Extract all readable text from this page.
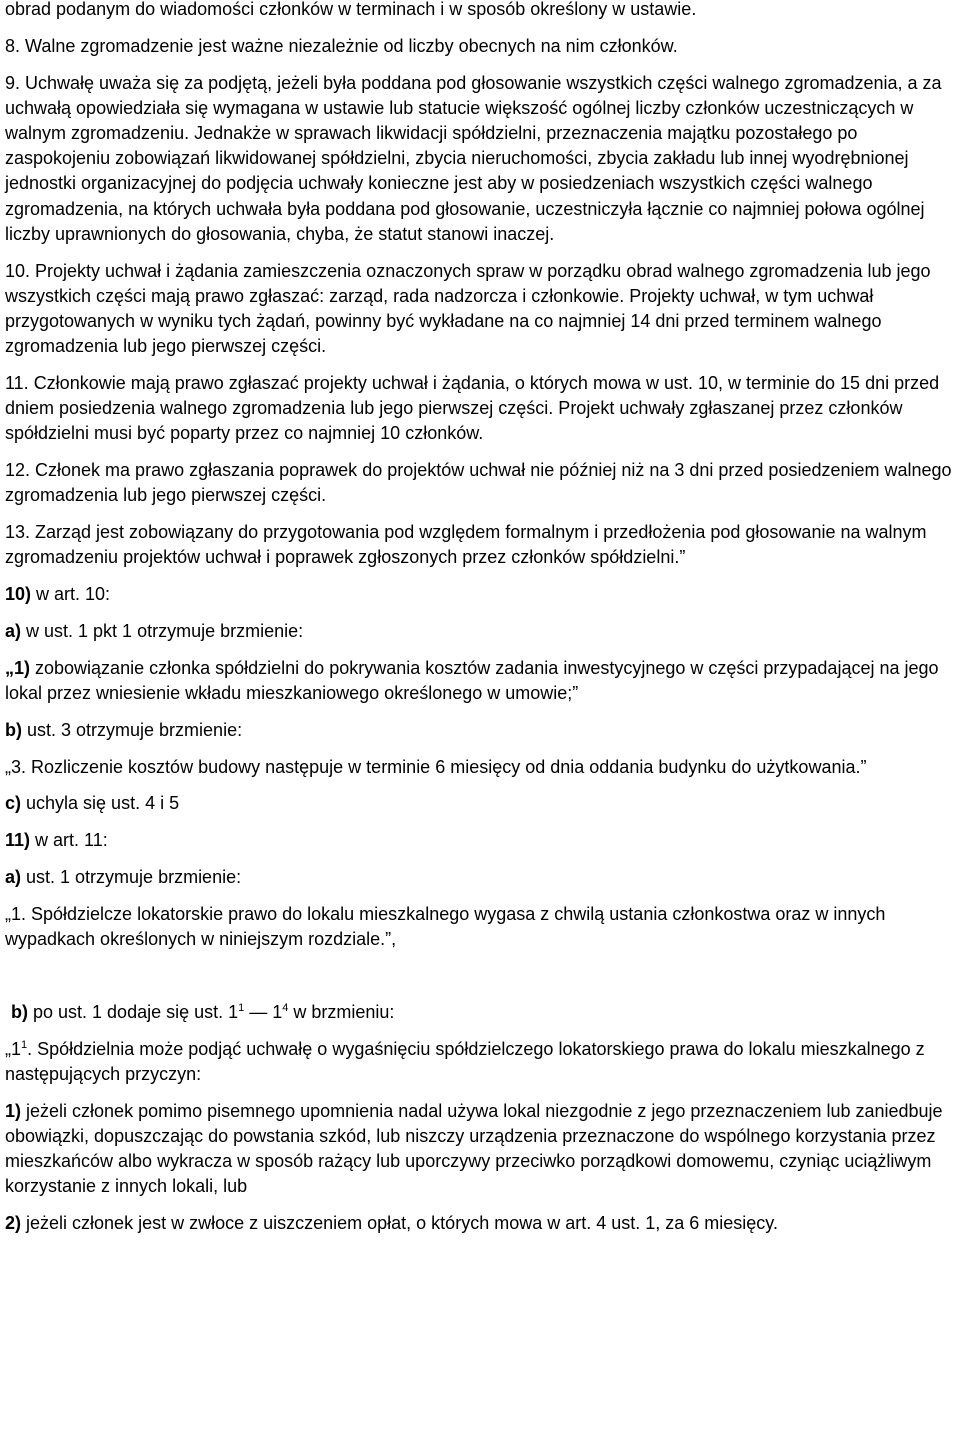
obrad podanym do wiadomości członków w terminach i w sposób określony w ustawie.

8. Walne zgromadzenie jest ważne niezależnie od liczby obecnych na nim członków.

9. Uchwałę uważa się za podjętą, jeżeli była poddana pod głosowanie wszystkich części walnego zgromadzenia, a za uchwałą opowiedziała się wymagana w ustawie lub statucie większość ogólnej liczby członków uczestniczących w walnym zgromadzeniu. Jednakże w sprawach likwidacji spółdzielni, przeznaczenia majątku pozostałego po zaspokojeniu zobowiązań likwidowanej spółdzielni, zbycia nieruchomości, zbycia zakładu lub innej wyodrębnionej jednostki organizacyjnej do podjęcia uchwały konieczne jest aby w posiedzeniach wszystkich części walnego zgromadzenia, na których uchwała była poddana pod głosowanie, uczestniczyła łącznie co najmniej połowa ogólnej liczby uprawnionych do głosowania, chyba, że statut stanowi inaczej.

10. Projekty uchwał i żądania zamieszczenia oznaczonych spraw w porządku obrad walnego zgromadzenia lub jego wszystkich części mają prawo zgłaszać: zarząd, rada nadzorcza i członkowie. Projekty uchwał, w tym uchwał przygotowanych w wyniku tych żądań, powinny być wykładane na co najmniej 14 dni przed terminem walnego zgromadzenia lub jego pierwszej części.

11. Członkowie mają prawo zgłaszać projekty uchwał i żądania, o których mowa w ust. 10, w terminie do 15 dni przed dniem posiedzenia walnego zgromadzenia lub jego pierwszej części. Projekt uchwały zgłaszanej przez członków spółdzielni musi być poparty przez co najmniej 10 członków.

12. Członek ma prawo zgłaszania poprawek do projektów uchwał nie później niż na 3 dni przed posiedzeniem walnego zgromadzenia lub jego pierwszej części.

13. Zarząd jest zobowiązany do przygotowania pod względem formalnym i przedłożenia pod głosowanie na walnym zgromadzeniu projektów uchwał i poprawek zgłoszonych przez członków spółdzielni.”

10) w art. 10:

a) w ust. 1 pkt 1 otrzymuje brzmienie:

„1) zobowiązanie członka spółdzielni do pokrywania kosztów zadania inwestycyjnego w części przypadającej na jego lokal przez wniesienie wkładu mieszkaniowego określonego w umowie;”

b) ust. 3 otrzymuje brzmienie:

„3. Rozliczenie kosztów budowy następuje w terminie 6 miesięcy od dnia oddania budynku do użytkowania.”

c) uchyla się ust. 4 i 5

11) w art. 11:

a) ust. 1 otrzymuje brzmienie:

„1. Spółdzielcze lokatorskie prawo do lokalu mieszkalnego wygasa z chwilą ustania członkostwa oraz w innych wypadkach określonych w niniejszym rozdziale.”,

b) po ust. 1 dodaje się ust. $1^1$ — $1^4$ w brzmieniu:

$„1^1$. Spółdzielnia może podjąć uchwałę o wygaśnięciu spółdzielczego lokatorskiego prawa do lokalu mieszkalnego z następujących przyczyn:

1) jeżeli członek pomimo pisemnego upomnienia nadal używa lokal niezgodnie z jego przeznaczeniem lub zaniedbuje obowiązki, dopuszczając do powstania szkód, lub niszczy urządzenia przeznaczone do wspólnego korzystania przez mieszkańców albo wykracza w sposób rażący lub uporczywy przeciwko porządkowi domowemu, czyniąc uciążliwym korzystanie z innych lokali, lub

2) jeżeli członek jest w zwłoce z uiszczeniem opłat, o których mowa w art. 4 ust. 1, za 6 miesięcy.
